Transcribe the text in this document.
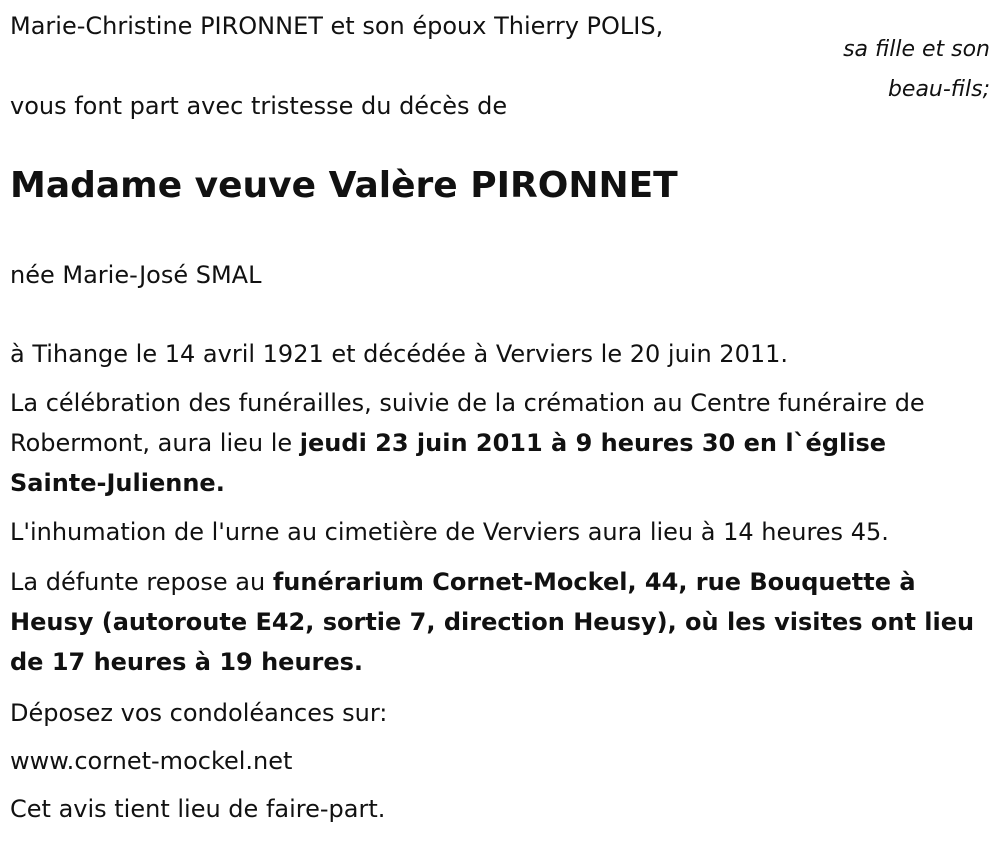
Marie-Christine PIRONNET et son époux Thierry POLIS,

sa fille et son
beau-fils;

vous font part avec tristesse du décès de

Madame veuve Valère PIRONNET

née Marie-José SMAL

à Tihange le 14 avril 1921 et décédée à Verviers le 20 juin 2011.

La célébration des funérailles, suivie de la crémation au Centre funéraire de Robermont, aura lieu le jeudi 23 juin 2011 à 9 heures 30 en l`église Sainte-Julienne.

L'inhumation de l'urne au cimetière de Verviers aura lieu à 14 heures 45.

La défunte repose au funérarium Cornet-Mockel, 44, rue Bouquette à Heusy (autoroute E42, sortie 7, direction Heusy), où les visites ont lieu de 17 heures à 19 heures.

Déposez vos condoléances sur:

www.cornet-mockel.net

Cet avis tient lieu de faire-part.
